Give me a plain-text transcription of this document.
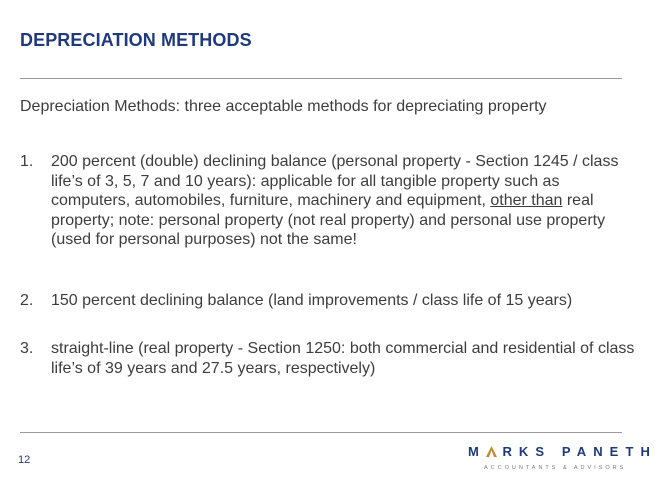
DEPRECIATION METHODS
Depreciation Methods: three acceptable methods for depreciating property
1. 200 percent (double) declining balance (personal property - Section 1245 / class life’s of 3, 5, 7 and 10 years): applicable for all tangible property such as computers, automobiles, furniture, machinery and equipment, other than real property; note: personal property (not real property) and personal use property (used for personal purposes) not the same!
2. 150 percent declining balance (land improvements / class life of 15 years)
3. straight-line (real property - Section 1250: both commercial and residential of class life’s of 39 years and 27.5 years, respectively)
12
M RKS PANETH
ACCOUNTANTS & ADVISORS
